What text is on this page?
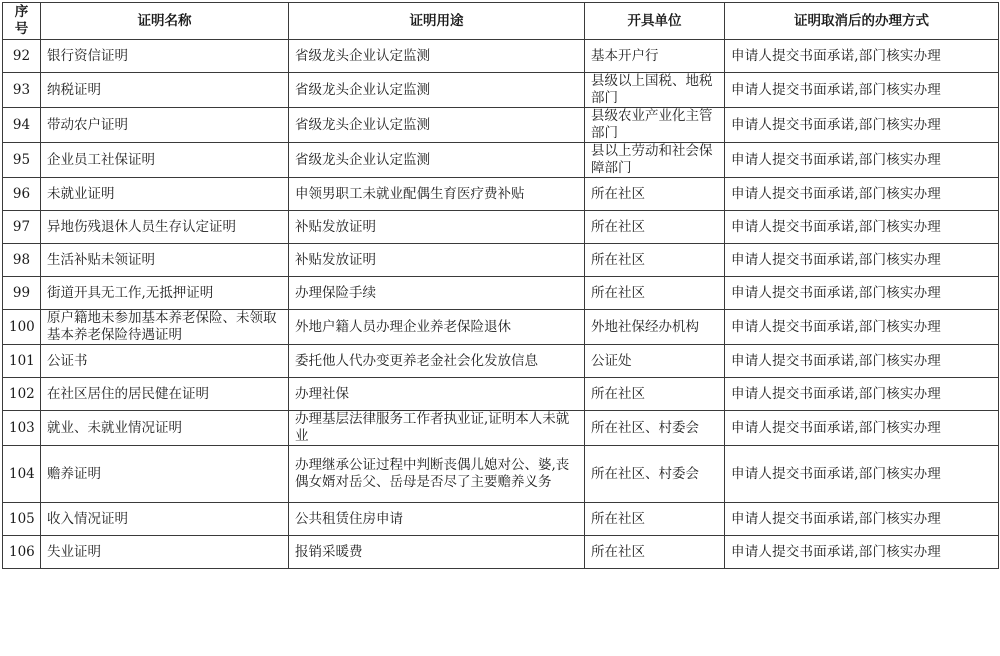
序号	证明名称	证明用途	开具单位	证明取消后的办理方式
92	银行资信证明	省级龙头企业认定监测	基本开户行	申请人提交书面承诺,部门核实办理
93	纳税证明	省级龙头企业认定监测	县级以上国税、地税部门	申请人提交书面承诺,部门核实办理
94	带动农户证明	省级龙头企业认定监测	县级农业产业化主管部门	申请人提交书面承诺,部门核实办理
95	企业员工社保证明	省级龙头企业认定监测	县以上劳动和社会保障部门	申请人提交书面承诺,部门核实办理
96	未就业证明	申领男职工未就业配偶生育医疗费补贴	所在社区	申请人提交书面承诺,部门核实办理
97	异地伤残退休人员生存认定证明	补贴发放证明	所在社区	申请人提交书面承诺,部门核实办理
98	生活补贴未领证明	补贴发放证明	所在社区	申请人提交书面承诺,部门核实办理
99	街道开具无工作,无抵押证明	办理保险手续	所在社区	申请人提交书面承诺,部门核实办理
100	原户籍地未参加基本养老保险、未领取基本养老保险待遇证明	外地户籍人员办理企业养老保险退休	外地社保经办机构	申请人提交书面承诺,部门核实办理
101	公证书	委托他人代办变更养老金社会化发放信息	公证处	申请人提交书面承诺,部门核实办理
102	在社区居住的居民健在证明	办理社保	所在社区	申请人提交书面承诺,部门核实办理
103	就业、未就业情况证明	办理基层法律服务工作者执业证,证明本人未就业	所在社区、村委会	申请人提交书面承诺,部门核实办理
104	赡养证明	办理继承公证过程中判断丧偶儿媳对公、婆,丧偶女婿对岳父、岳母是否尽了主要赡养义务	所在社区、村委会	申请人提交书面承诺,部门核实办理
105	收入情况证明	公共租赁住房申请	所在社区	申请人提交书面承诺,部门核实办理
106	失业证明	报销采暖费	所在社区	申请人提交书面承诺,部门核实办理
